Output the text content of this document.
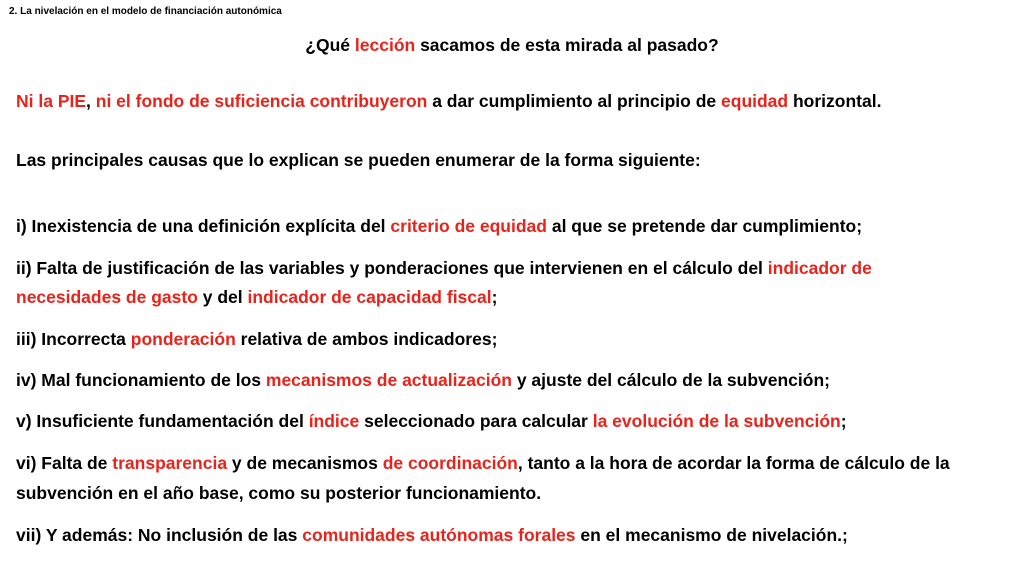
2. La nivelación en el modelo de financiación autonómica
¿Qué lección sacamos de esta mirada al pasado?
Ni la PIE, ni el fondo de suficiencia contribuyeron a dar cumplimiento al principio de equidad horizontal.
Las principales causas que lo explican se pueden enumerar de la forma siguiente:
i) Inexistencia de una definición explícita del criterio de equidad al que se pretende dar cumplimiento;
ii) Falta de justificación de las variables y ponderaciones que intervienen en el cálculo del indicador de
necesidades de gasto y del indicador de capacidad fiscal;
iii) Incorrecta ponderación relativa de ambos indicadores;
iv) Mal funcionamiento de los mecanismos de actualización y ajuste del cálculo de la subvención;
v) Insuficiente fundamentación del índice seleccionado para calcular la evolución de la subvención;
vi) Falta de transparencia y de mecanismos de coordinación, tanto a la hora de acordar la forma de cálculo de la
subvención en el año base, como su posterior funcionamiento.
vii) Y además: No inclusión de las comunidades autónomas forales en el mecanismo de nivelación.;
